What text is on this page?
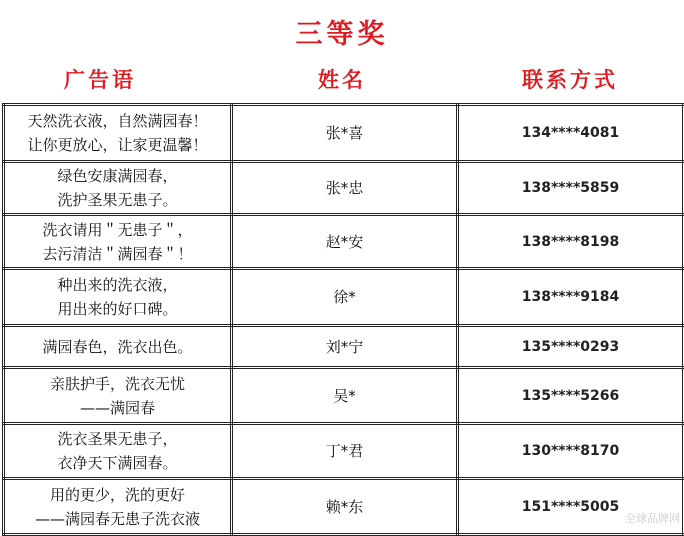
三等奖
广告语	姓名	联系方式
天然洗衣液，自然满园春！
让你更放心，让家更温馨！	张*喜	134****4081

绿色安康满园春，
洗护圣果无患子。	张*忠	138****5859

洗衣请用＂无患子＂，
去污清洁＂满园春＂！	赵*安	138****8198

种出来的洗衣液，
用出来的好口碑。	徐*	138****9184

满园春色，洗衣出色。	刘*宁	135****0293

亲肤护手，洗衣无忧
——满园春	吴*	135****5266

洗衣圣果无患子，
衣净天下满园春。	丁*君	130****8170

用的更少，洗的更好
——满园春无患子洗衣液	赖*东	151****5005
全球品牌网
